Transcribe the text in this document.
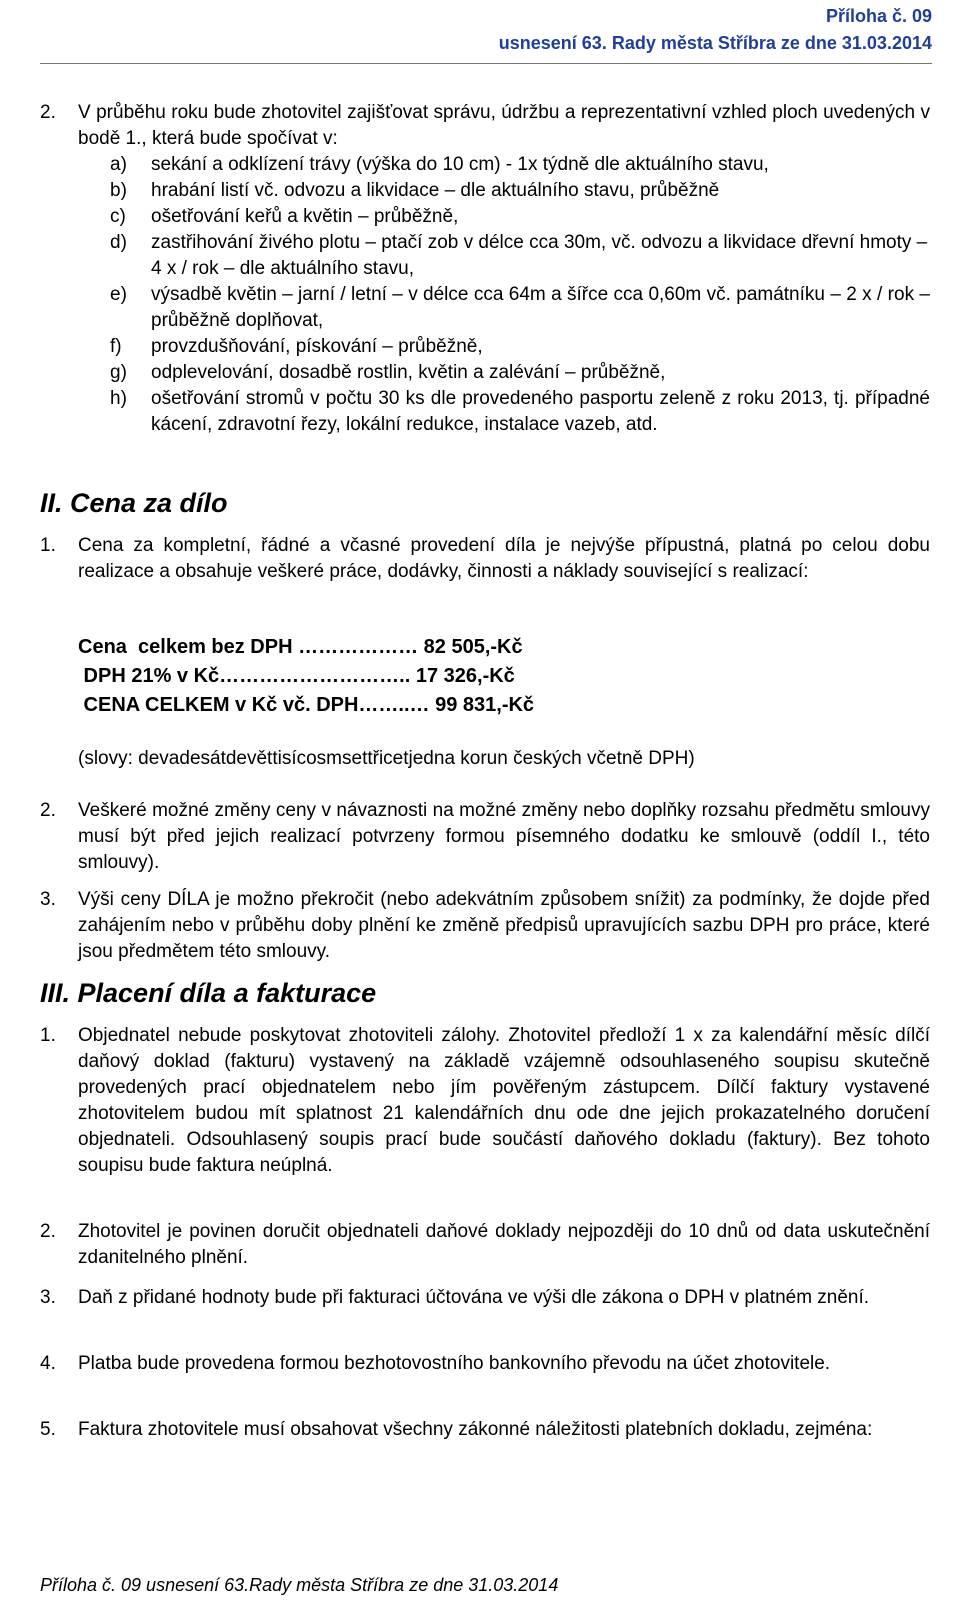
Příloha č. 09
usnesení 63. Rady města Stříbra ze dne 31.03.2014
2. V průběhu roku bude zhotovitel zajišťovat správu, údržbu a reprezentativní vzhled ploch uvedených v bodě 1., která bude spočívat v:
a) sekání a odklízení trávy (výška do 10 cm) - 1x týdně dle aktuálního stavu,
b) hrabání listí vč. odvozu a likvidace – dle aktuálního stavu, průběžně
c) ošetřování keřů a květin – průběžně,
d) zastřihování živého plotu – ptačí zob v délce cca 30m, vč. odvozu a likvidace dřevní hmoty – 4 x / rok – dle aktuálního stavu,
e) výsadbě květin – jarní / letní – v délce cca 64m a šířce cca 0,60m vč. památníku – 2 x / rok – průběžně doplňovat,
f) provzdušňování, pískování – průběžně,
g) odplevelování, dosadbě rostlin, květin a zalévání – průběžně,
h) ošetřování stromů v počtu 30 ks dle provedeného pasportu zeleně z roku 2013, tj. případné kácení, zdravotní řezy, lokální redukce, instalace vazeb, atd.
II. Cena za dílo
1. Cena za kompletní, řádné a včasné provedení díla je nejvýše přípustná, platná po celou dobu realizace a obsahuje veškeré práce, dodávky, činnosti a náklady související s realizací:
Cena  celkem bez DPH ……………… 82 505,-Kč
DPH 21% v Kč……………………….. 17 326,-Kč
CENA CELKEM v Kč vč. DPH……..… 99 831,-Kč
(slovy: devadesátdevěttisícosmsettřicetjedna korun českých včetně DPH)
2. Veškeré možné změny ceny v návaznosti na možné změny nebo doplňky rozsahu předmětu smlouvy musí být před jejich realizací potvrzeny formou písemného dodatku ke smlouvě (oddíl I., této smlouvy).
3. Výši ceny DÍLA je možno překročit (nebo adekvátním způsobem snížit) za podmínky, že dojde před zahájením nebo v průběhu doby plnění ke změně předpisů upravujících sazbu DPH pro práce, které jsou předmětem této smlouvy.
III. Placení díla a fakturace
1. Objednatel nebude poskytovat zhotoviteli zálohy. Zhotovitel předloží 1 x za kalendářní měsíc dílčí daňový doklad (fakturu) vystavený na základě vzájemně odsouhlaseného soupisu skutečně provedených prací objednatelem nebo jím pověřeným zástupcem. Dílčí faktury vystavené zhotovitelem budou mít splatnost 21 kalendářních dnu ode dne jejich prokazatelného doručení objednateli. Odsouhlasený soupis prací bude součástí daňového dokladu (faktury). Bez tohoto soupisu bude faktura neúplná.
2. Zhotovitel je povinen doručit objednateli daňové doklady nejpozději do 10 dnů od data uskutečnění zdanitelného plnění.
3. Daň z přidané hodnoty bude při fakturaci účtována ve výši dle zákona o DPH v platném znění.
4. Platba bude provedena formou bezhotovostního bankovního převodu na účet zhotovitele.
5. Faktura zhotovitele musí obsahovat všechny zákonné náležitosti platebních dokladu, zejména:
Příloha č. 09 usnesení 63.Rady města Stříbra ze dne 31.03.2014
